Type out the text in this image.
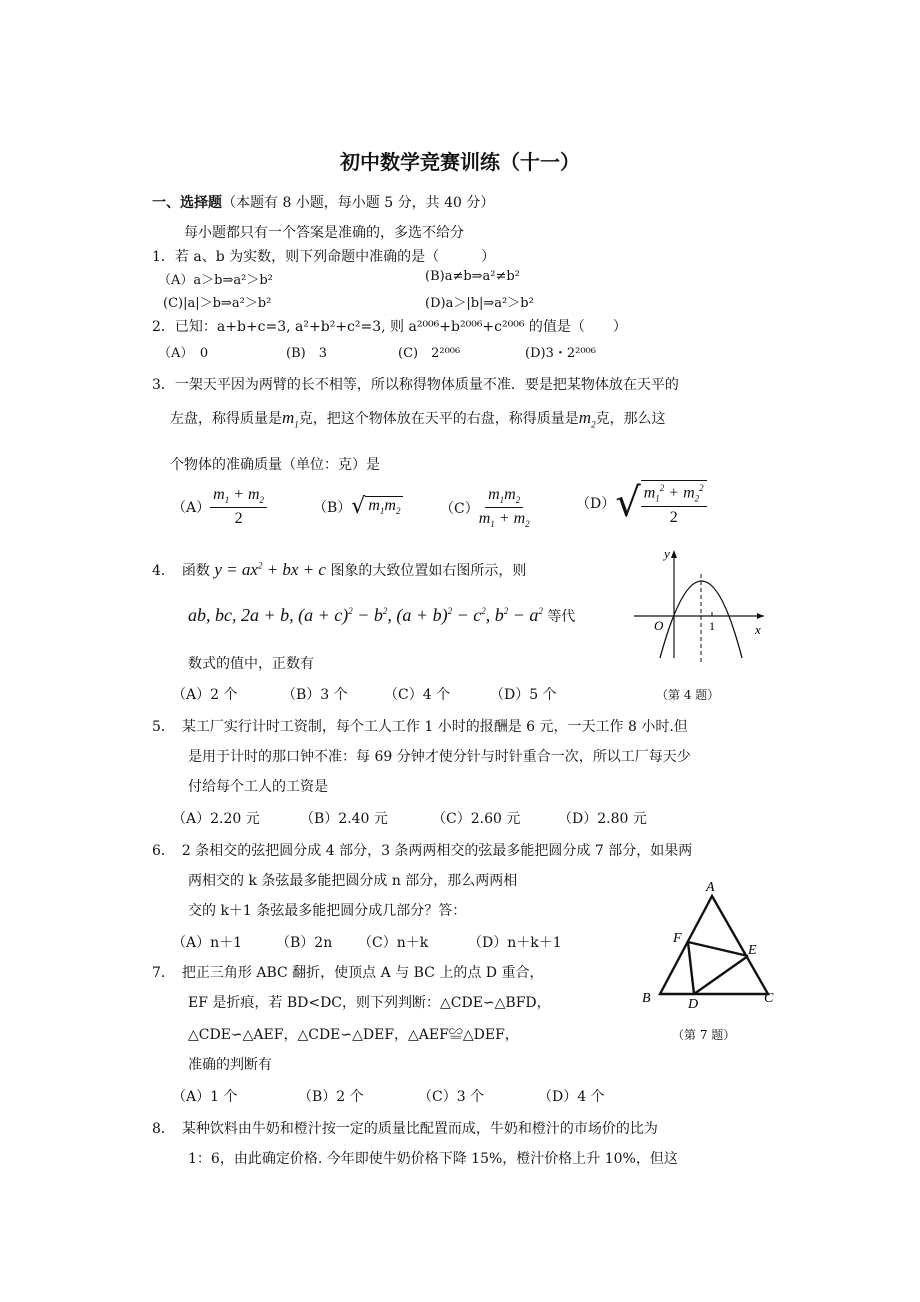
初中数学竞赛训练（十一）
一、选择题（本题有 8 小题，每小题 5 分，共 40 分）
每小题都只有一个答案是准确的，多选不给分
1．若 a、b 为实数，则下列命题中准确的是（　　　）
（A）a＞b⇒a²＞b²	(B)a≠b⇒a²≠b²
(C)|a|＞b⇒a²＞b²	(D)a＞|b|⇒a²＞b²
2．已知：a+b+c=3, a²+b²+c²=3, 则 a²⁰⁰⁶+b²⁰⁰⁶+c²⁰⁰⁶ 的值是（　　）
（A）　0	(B)　3	(C)　2²⁰⁰⁶	(D)3・2²⁰⁰⁶
3．一架天平因为两臂的长不相等，所以称得物体质量不准．要是把某物体放在天平的
左盘，称得质量是$m_1$克，把这个物体放在天平的右盘，称得质量是$m_2$克，那么这
个物体的准确质量（单位：克）是
$(A) \frac{m_1 + m_2}{2}$	（B） √ $m_1m_2$	$(C) \frac{m_1m_2}{m_1 + m_2}$	（D） √ $\frac{m_1^2 + m_2^2}{2}$
4．　 函数 $y = ax^2$ + bx + c 图象的大致位置如右图所示，则
ab, bc, 2a + b, $(a + c)^2 - b^2$, $(a + b)^2 - c^2$, $b^2 - a^2$ 等代
数式的值中，正数有
（A）2 个	（B）3 个	（C）4 个	（D）5 个
y
x
O	1
（第 4 题）
5．　某工厂实行计时工资制，每个工人工作 1 小时的报酬是 6 元，一天工作 8 小时.但
是用于计时的那口钟不准：每 69 分钟才使分针与时针重合一次，所以工厂每天少
付给每个工人的工资是
（A）2.20 元	（B）2.40 元	（C）2.60 元	（D）2.80 元
6．　2 条相交的弦把圆分成 4 部分，3 条两两相交的弦最多能把圆分成 7 部分，如果两
两相交的 k 条弦最多能把圆分成 n 部分，那么两两相
交的 k＋1 条弦最多能把圆分成几部分？答：
（A）n＋1 （B）2n （C）n＋k	（D）n＋k＋1
7．　把正三角形 ABC 翻折，使顶点 A 与 BC 上的点 D 重合，
EF 是折痕，若 BD<DC，则下列判断：△CDE∽△BFD，
△CDE∽△AEF，△CDE∽△DEF，△AEF≌△DEF，
准确的判断有
（A）1 个	（B）2 个	（C）3 个	（D）4 个
A
B	C
D
E
F
（第 7 题）
8．　某种饮料由牛奶和橙汁按一定的质量比配置而成，牛奶和橙汁的市场价的比为
1：6，由此确定价格. 今年即使牛奶价格下降 15%，橙汁价格上升 10%，但这
